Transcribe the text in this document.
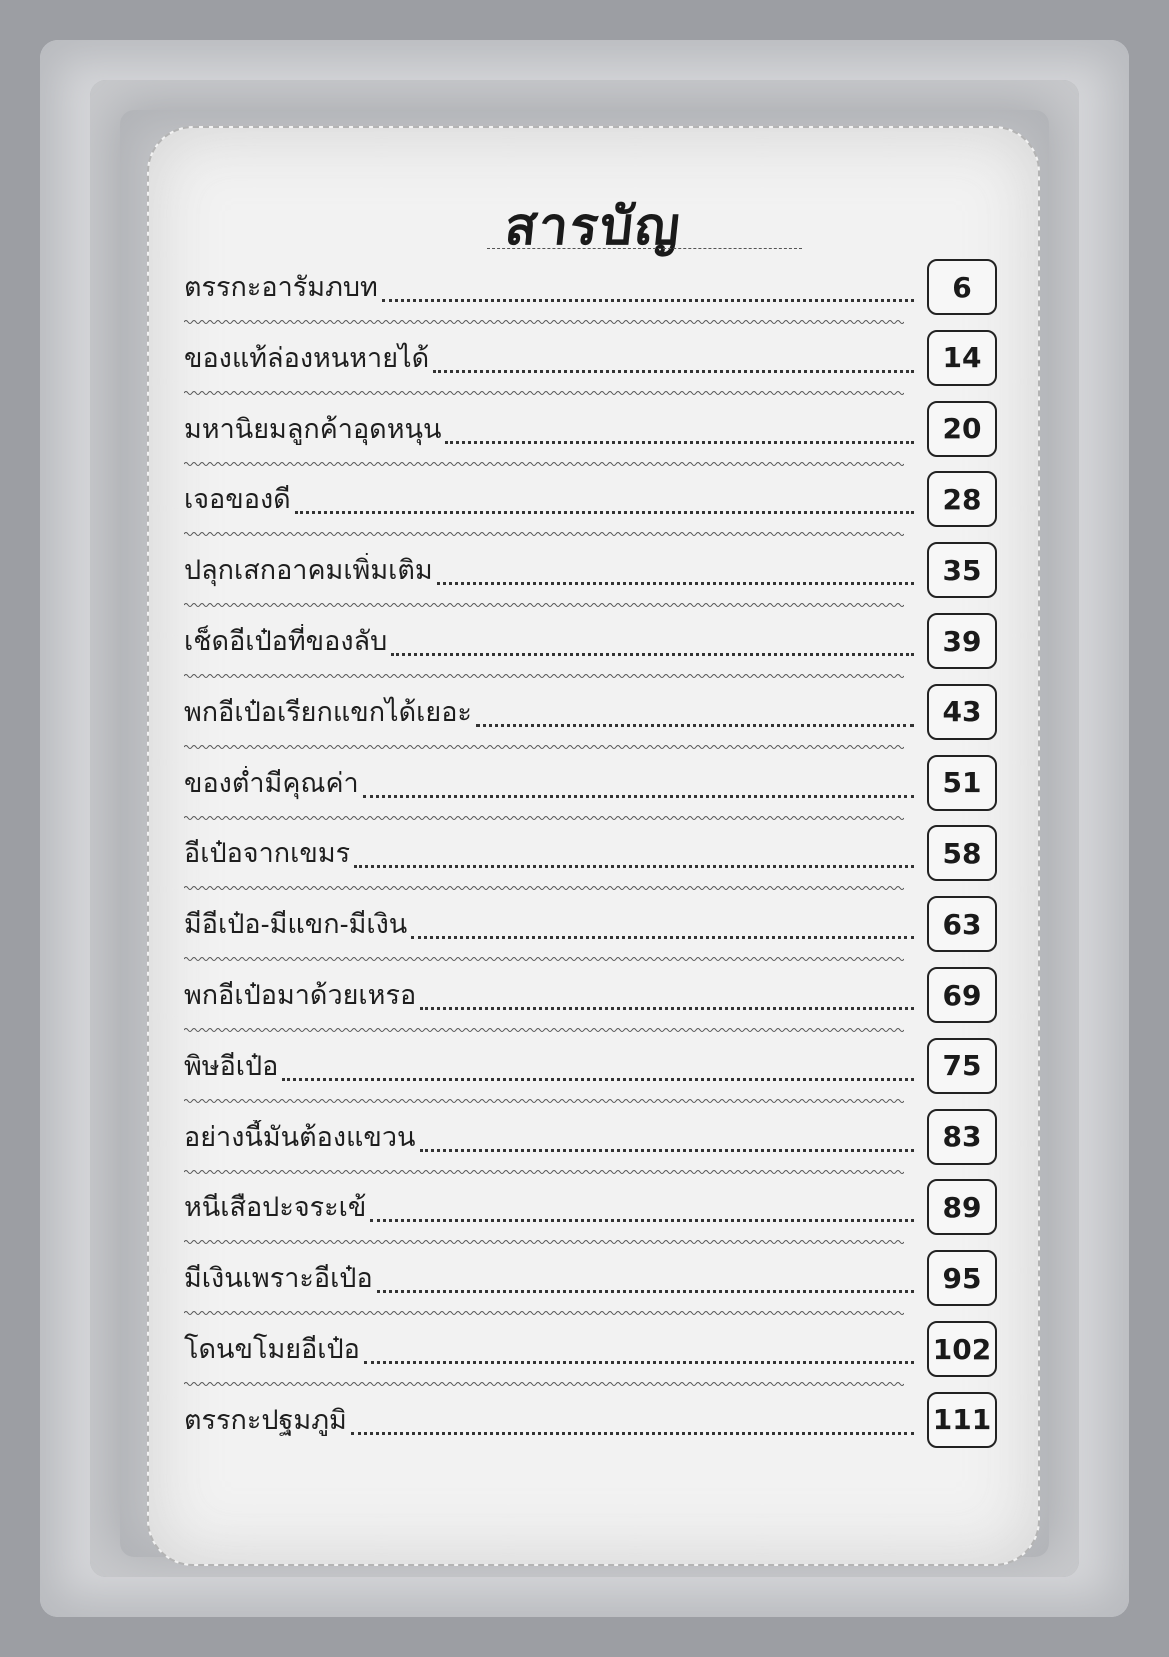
สารบัญ
ตรรกะอารัมภบท	6
ของแท้ล่องหนหายได้	14
มหานิยมลูกค้าอุดหนุน	20
เจอของดี	28
ปลุกเสกอาคมเพิ่มเติม	35
เช็ดอีเป๋อที่ของลับ	39
พกอีเป๋อเรียกแขกได้เยอะ	43
ของต่ำมีคุณค่า	51
อีเป๋อจากเขมร	58
มีอีเป๋อ-มีแขก-มีเงิน	63
พกอีเป๋อมาด้วยเหรอ	69
พิษอีเป๋อ	75
อย่างนี้มันต้องแขวน	83
หนีเสือปะจระเข้	89
มีเงินเพราะอีเป๋อ	95
โดนขโมยอีเป๋อ	102
ตรรกะปฐมภูมิ	111
